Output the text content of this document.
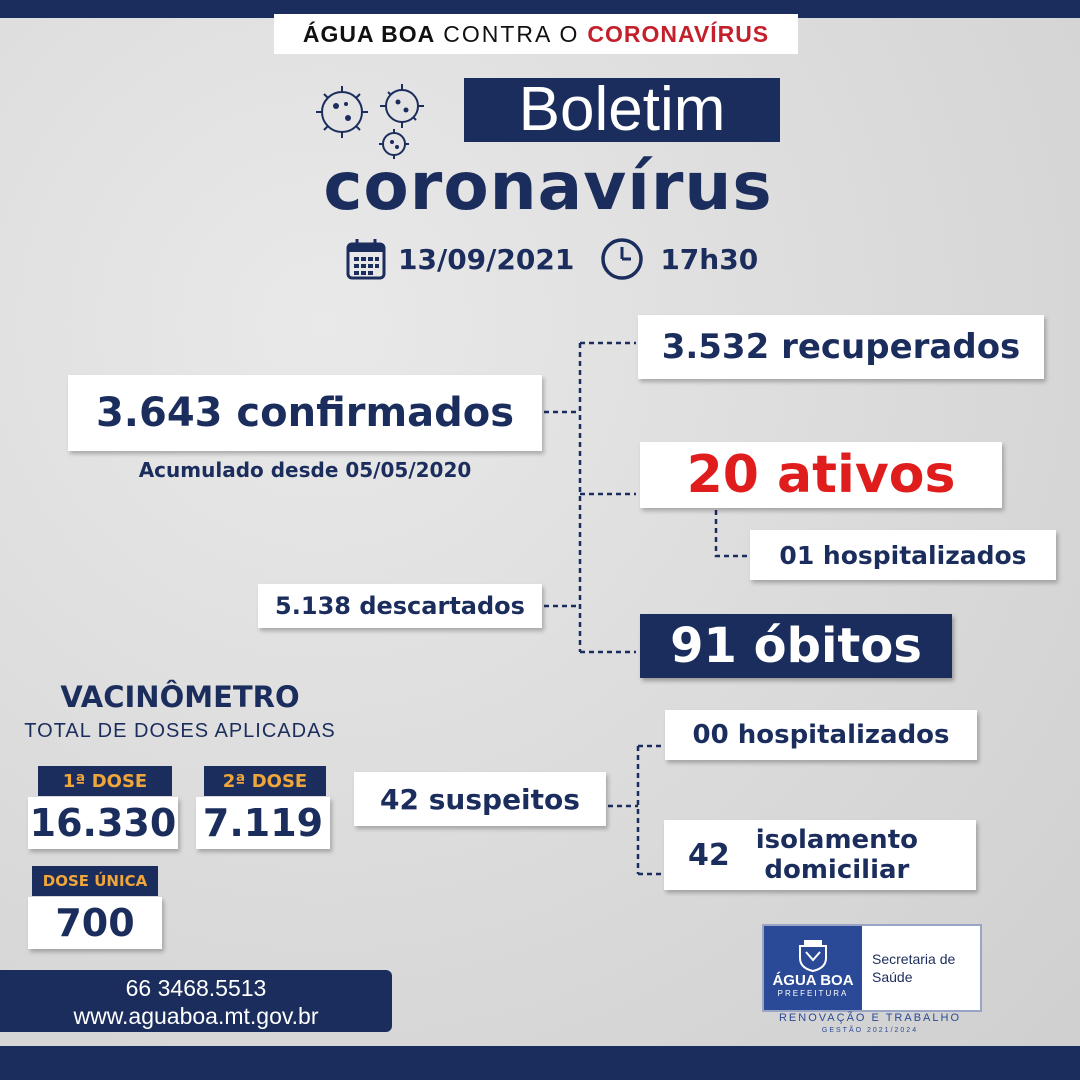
ÁGUA BOA CONTRA O CORONAVÍRUS
Boletim
coronavírus
13/09/2021	17h30
3.643 confirmados
Acumulado desde 05/05/2020
3.532 recuperados
20 ativos
01 hospitalizados
5.138 descartados
91 óbitos
00 hospitalizados
42 suspeitos
42 isolamento
domiciliar
VACINÔMETRO
TOTAL DE DOSES APLICADAS
1ª DOSE
16.330
2ª DOSE
7.119
DOSE ÚNICA
700
66 3468.5513
www.aguaboa.mt.gov.br
ÁGUA BOA
PREFEITURA
Secretaria de
Saúde
RENOVAÇÃO E TRABALHO
GESTÃO 2021/2024
